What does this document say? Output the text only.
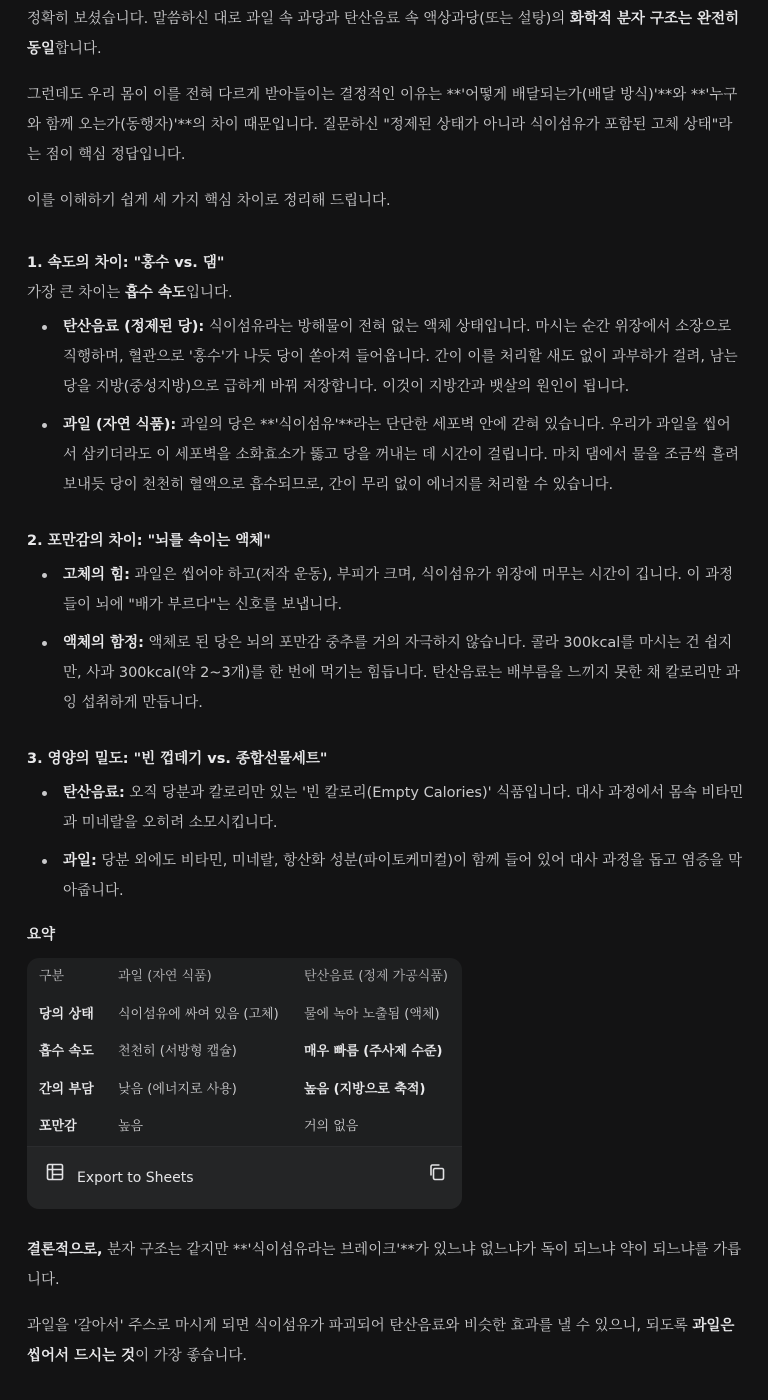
정확히 보셨습니다. 말씀하신 대로 과일 속 과당과 탄산음료 속 액상과당(또는 설탕)의 화학적 분자 구조는 완전히 동일합니다.

그런데도 우리 몸이 이를 전혀 다르게 받아들이는 결정적인 이유는 **'어떻게 배달되는가(배달 방식)'**와 **'누구와 함께 오는가(동행자)'**의 차이 때문입니다. 질문하신 "정제된 상태가 아니라 식이섬유가 포함된 고체 상태"라는 점이 핵심 정답입니다.

이를 이해하기 쉽게 세 가지 핵심 차이로 정리해 드립니다.

1. 속도의 차이: "홍수 vs. 댐"

가장 큰 차이는 흡수 속도입니다.

탄산음료 (정제된 당): 식이섬유라는 방해물이 전혀 없는 액체 상태입니다. 마시는 순간 위장에서 소장으로 직행하며, 혈관으로 '홍수'가 나듯 당이 쏟아져 들어옵니다. 간이 이를 처리할 새도 없이 과부하가 걸려, 남는 당을 지방(중성지방)으로 급하게 바꿔 저장합니다. 이것이 지방간과 뱃살의 원인이 됩니다.
과일 (자연 식품): 과일의 당은 **'식이섬유'**라는 단단한 세포벽 안에 갇혀 있습니다. 우리가 과일을 씹어서 삼키더라도 이 세포벽을 소화효소가 뚫고 당을 꺼내는 데 시간이 걸립니다. 마치 댐에서 물을 조금씩 흘려보내듯 당이 천천히 혈액으로 흡수되므로, 간이 무리 없이 에너지를 처리할 수 있습니다.
2. 포만감의 차이: "뇌를 속이는 액체"
고체의 힘: 과일은 씹어야 하고(저작 운동), 부피가 크며, 식이섬유가 위장에 머무는 시간이 깁니다. 이 과정들이 뇌에 "배가 부르다"는 신호를 보냅니다.
액체의 함정: 액체로 된 당은 뇌의 포만감 중추를 거의 자극하지 않습니다. 콜라 300kcal를 마시는 건 쉽지만, 사과 300kcal(약 2~3개)를 한 번에 먹기는 힘듭니다. 탄산음료는 배부름을 느끼지 못한 채 칼로리만 과잉 섭취하게 만듭니다.
3. 영양의 밀도: "빈 껍데기 vs. 종합선물세트"
탄산음료: 오직 당분과 칼로리만 있는 '빈 칼로리(Empty Calories)' 식품입니다. 대사 과정에서 몸속 비타민과 미네랄을 오히려 소모시킵니다.
과일: 당분 외에도 비타민, 미네랄, 항산화 성분(파이토케미컬)이 함께 들어 있어 대사 과정을 돕고 염증을 막아줍니다.

요약

구분	과일 (자연 식품)	탄산음료 (정제 가공식품)
당의 상태	식이섬유에 싸여 있음 (고체)	물에 녹아 노출됨 (액체)
흡수 속도	천천히 (서방형 캡슐)	매우 빠름 (주사제 수준)
간의 부담	낮음 (에너지로 사용)	높음 (지방으로 축적)
포만감	높음	거의 없음
Export to Sheets

결론적으로, 분자 구조는 같지만 **'식이섬유라는 브레이크'**가 있느냐 없느냐가 독이 되느냐 약이 되느냐를 가릅니다.

과일을 '갈아서' 주스로 마시게 되면 식이섬유가 파괴되어 탄산음료와 비슷한 효과를 낼 수 있으니, 되도록 과일은 씹어서 드시는 것이 가장 좋습니다.
